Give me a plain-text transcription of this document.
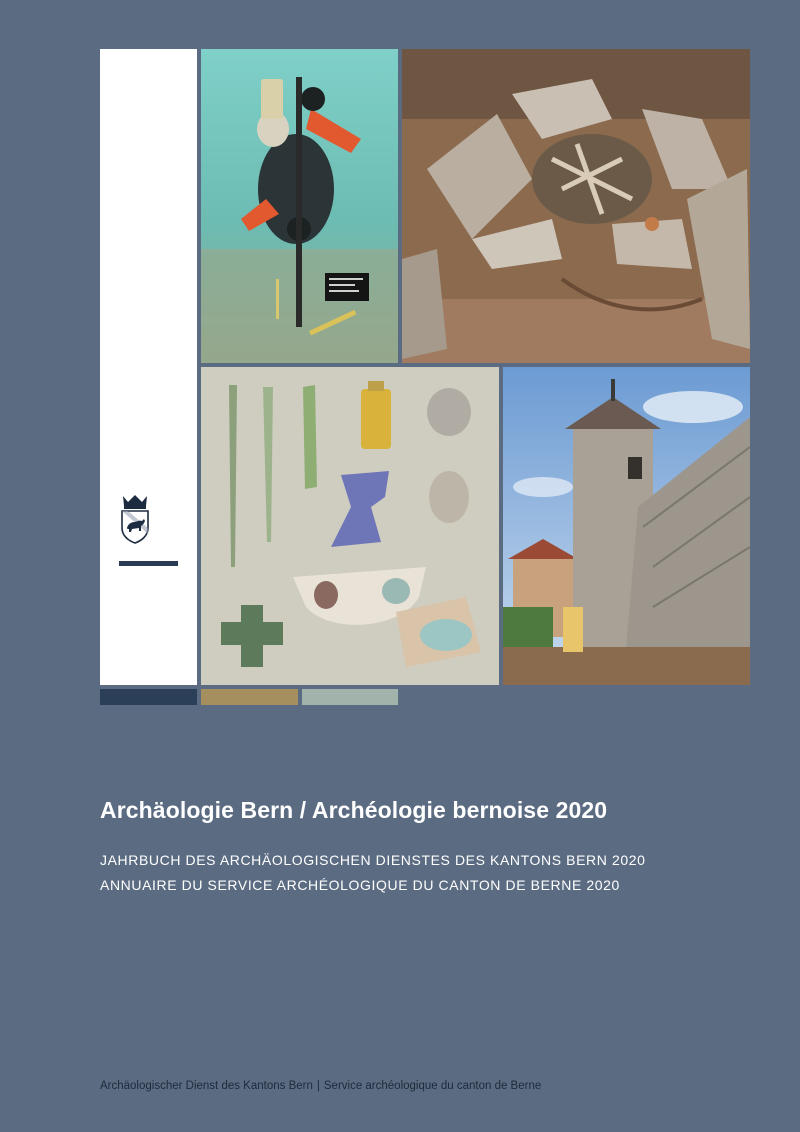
Archäologie Bern / Archéologie bernoise 2020

JAHRBUCH DES ARCHÄOLOGISCHEN DIENSTES DES KANTONS BERN 2020

ANNUAIRE DU SERVICE ARCHÉOLOGIQUE DU CANTON DE BERNE 2020

Archäologischer Dienst des Kantons Bern | Service archéologique du canton de Berne
